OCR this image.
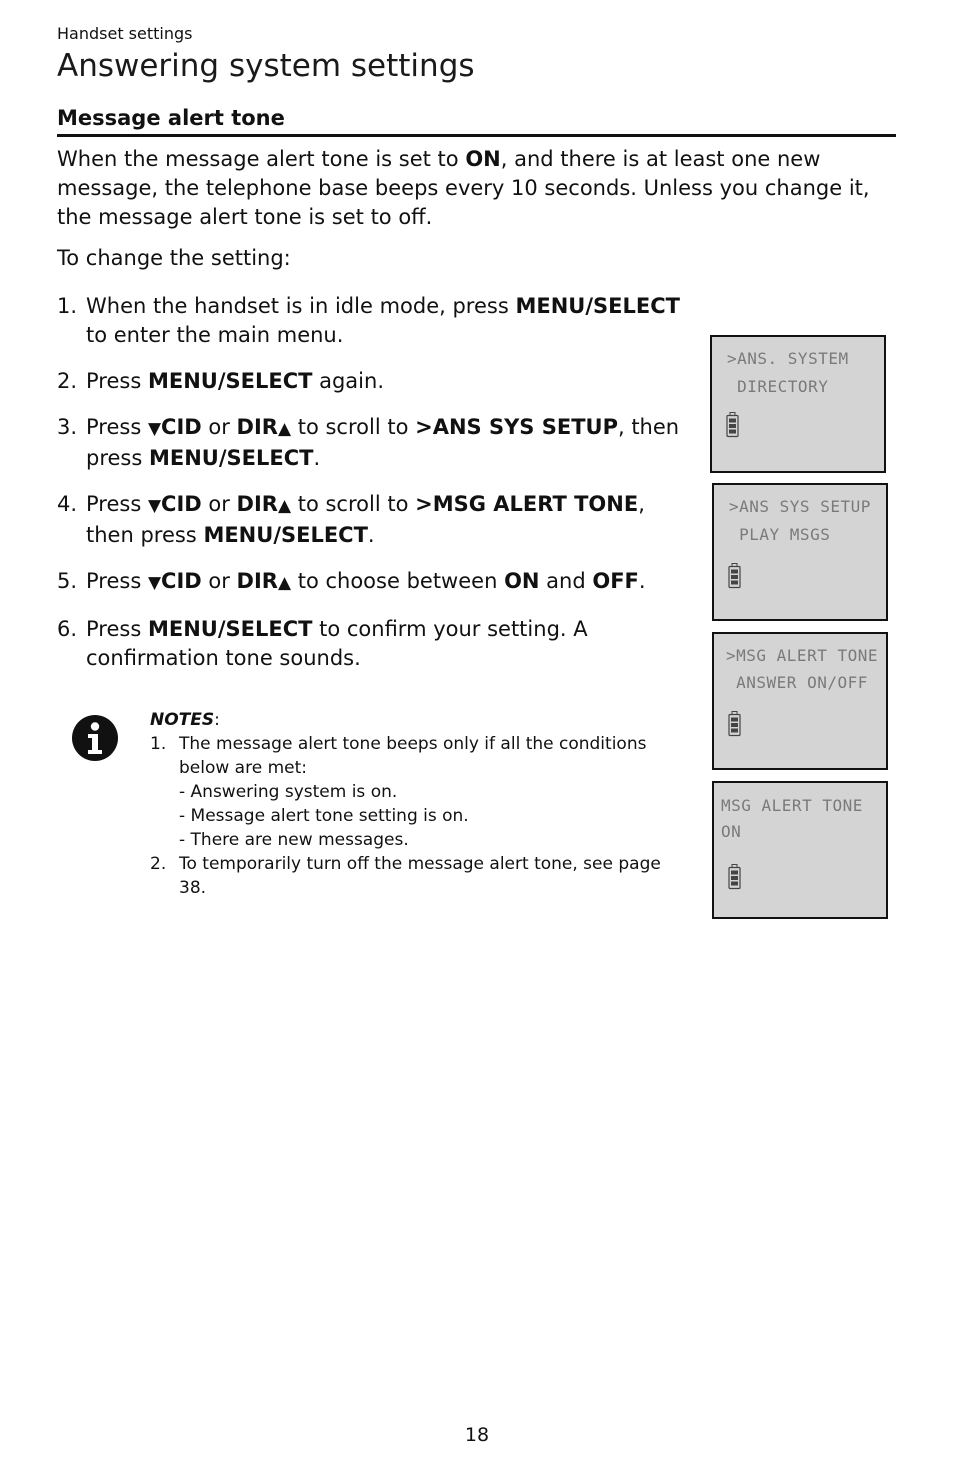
Handset settings
Answering system settings
Message alert tone

When the message alert tone is set to ON, and there is at least one new message, the telephone base beeps every 10 seconds. Unless you change it, the message alert tone is set to off.

To change the setting:

1. When the handset is in idle mode, press MENU/SELECT
to enter the main menu.
2. Press MENU/SELECT again.
3. Press ▼CID or DIR▲ to scroll to >ANS SYS SETUP, then press MENU/SELECT.
4. Press ▼CID or DIR▲ to scroll to >MSG ALERT TONE, then press MENU/SELECT.
5. Press ▼CID or DIR▲ to choose between ON and OFF.
6. Press MENU/SELECT to confirm your setting. A confirmation tone sounds.
NOTES:
1. The message alert tone beeps only if all the conditions below are met:
- Answering system is on.
- Message alert tone setting is on.
- There are new messages.
2. To temporarily turn off the message alert tone, see page 38.
>ANS. SYSTEM
DIRECTORY
>ANS SYS SETUP
PLAY MSGS
>MSG ALERT TONE
ANSWER ON/OFF
MSG ALERT TONE
ON
18
